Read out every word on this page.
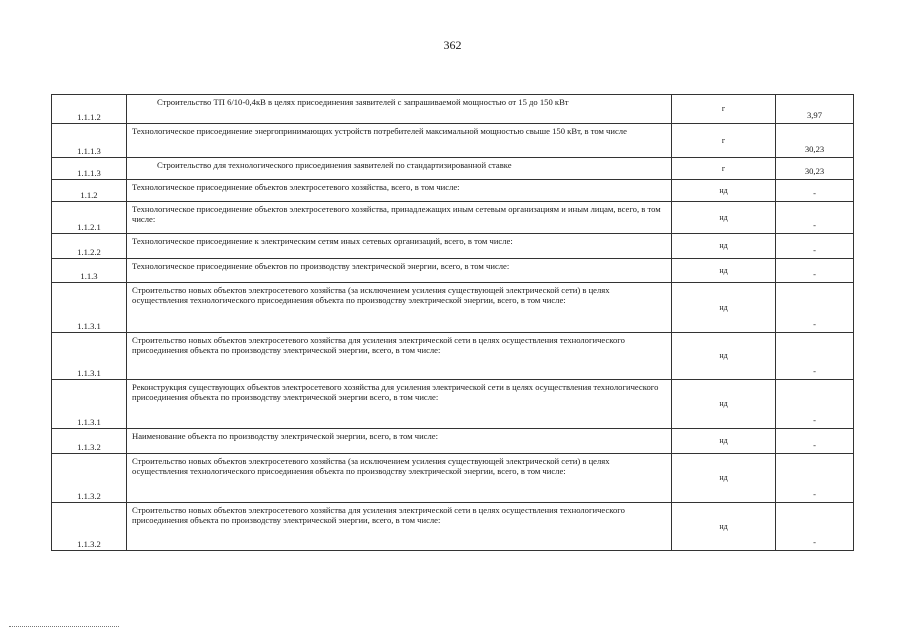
362
1.1.1.2	Строительство ТП 6/10-0,4кВ в целях присоединения заявителей с запрашиваемой мощностью от 15 до 150 кВт	г	3,97
1.1.1.3	Технологическое присоединение энергопринимающих устройств потребителей максимальной мощностью свыше 150 кВт, в том числе	г	30,23
1.1.1.3	Строительство для технологического присоединения заявителей по стандартизированной ставке	г	30,23
1.1.2	Технологическое присоединение объектов электросетевого хозяйства, всего, в том числе:	нд	-
1.1.2.1	Технологическое присоединение объектов электросетевого хозяйства, принадлежащих иным сетевым организациям и иным лицам, всего, в том числе:	нд	-
1.1.2.2	Технологическое присоединение к электрическим сетям иных сетевых организаций, всего, в том числе:	нд	-
1.1.3	Технологическое присоединение объектов по производству электрической энергии, всего, в том числе:	нд	-
1.1.3.1	Строительство новых объектов электросетевого хозяйства (за исключением усиления существующей электрической сети) в целях осуществления технологического присоединения объекта по производству электрической энергии, всего, в том числе:	нд	-
1.1.3.1	Строительство новых объектов электросетевого хозяйства для усиления электрической сети в целях осуществления технологического присоединения объекта по производству электрической энергии, всего, в том числе:	нд	-
1.1.3.1	Реконструкция существующих объектов электросетевого хозяйства для усиления электрической сети в целях осуществления технологического присоединения объекта по производству электрической энергии всего, в том числе:	нд	-
1.1.3.2	Наименование объекта по производству электрической энергии, всего, в том числе:	нд	-
1.1.3.2	Строительство новых объектов электросетевого хозяйства (за исключением усиления существующей электрической сети) в целях осуществления технологического присоединения объекта по производству электрической энергии, всего, в том числе:	нд	-
1.1.3.2	Строительство новых объектов электросетевого хозяйства для усиления электрической сети в целях осуществления технологического присоединения объекта по производству электрической энергии, всего, в том числе:	нд	-
